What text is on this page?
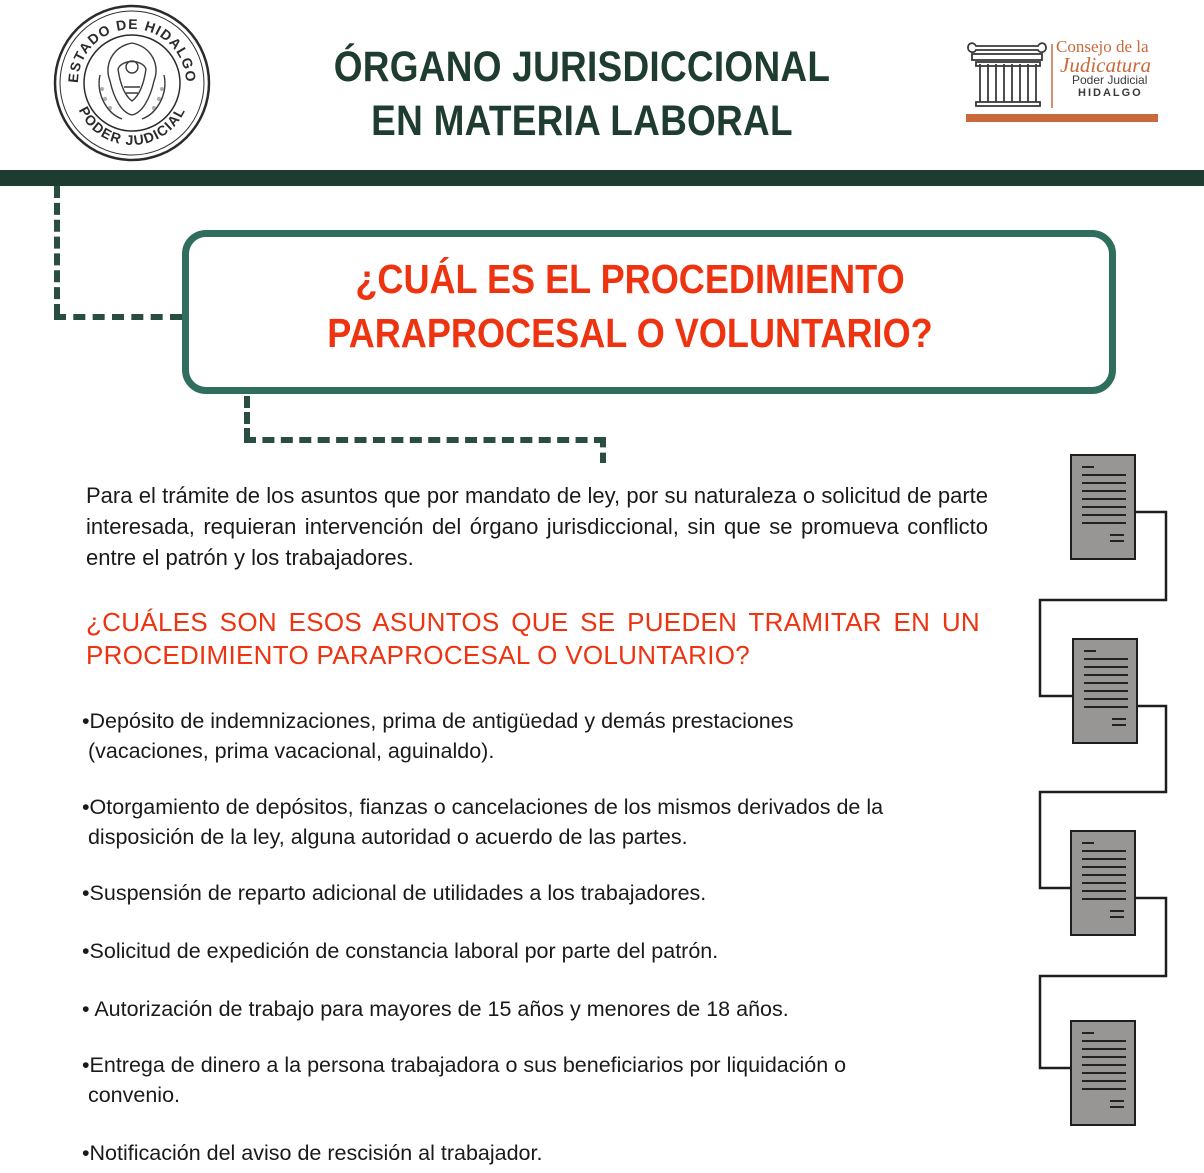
ESTADO DE HIDALGO
PODER JUDICIAL
ÓRGANO JURISDICCIONAL
EN MATERIA LABORAL
Consejo de la
Judicatura
Poder Judicial
HIDALGO
¿CUÁL ES EL PROCEDIMIENTO
PARAPROCESAL O VOLUNTARIO?
Para el trámite de los asuntos que por mandato de ley, por su naturaleza o solicitud de parte interesada, requieran intervención del órgano jurisdiccional, sin que se promueva conflicto entre el patrón y los trabajadores.
¿CUÁLES SON ESOS ASUNTOS QUE SE PUEDEN TRAMITAR EN UN PROCEDIMIENTO PARAPROCESAL O VOLUNTARIO?
•Depósito de indemnizaciones, prima de antigüedad y demás prestaciones
(vacaciones, prima vacacional, aguinaldo).
•Otorgamiento de depósitos, fianzas o cancelaciones de los mismos derivados de la
disposición de la ley, alguna autoridad o acuerdo de las partes.
•Suspensión de reparto adicional de utilidades a los trabajadores.
•Solicitud de expedición de constancia laboral por parte del patrón.
• Autorización de trabajo para mayores de 15 años y menores de 18 años.
•Entrega de dinero a la persona trabajadora o sus beneficiarios por liquidación o
convenio.
•Notificación del aviso de rescisión al trabajador.
